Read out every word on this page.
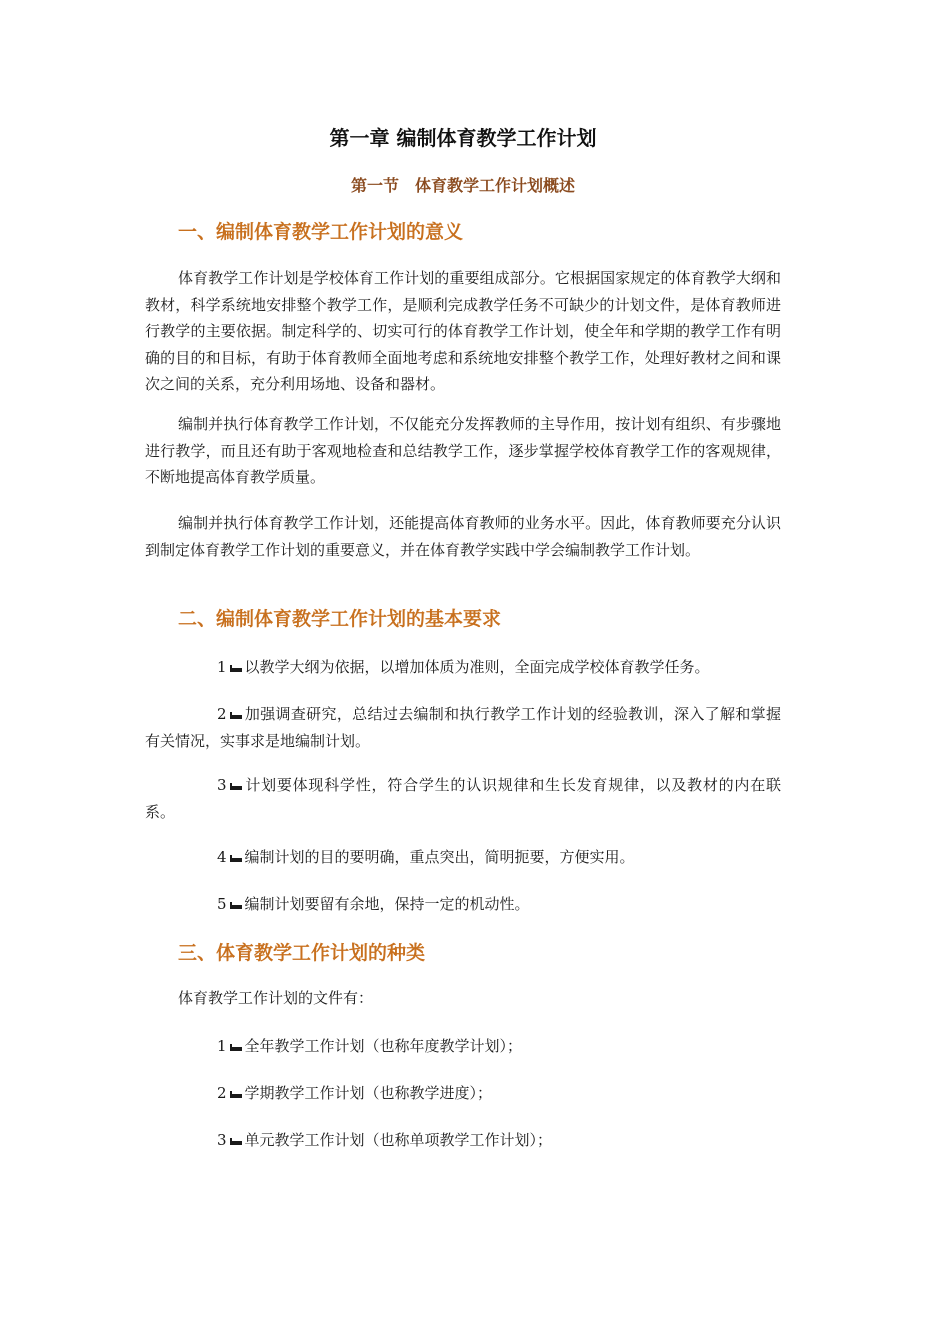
第一章 编制体育教学工作计划
第一节　体育教学工作计划概述
一、编制体育教学工作计划的意义

体育教学工作计划是学校体育工作计划的重要组成部分。它根据国家规定的体育教学大纲和教材，科学系统地安排整个教学工作，是顺利完成教学任务不可缺少的计划文件，是体育教师进行教学的主要依据。制定科学的、切实可行的体育教学工作计划，使全年和学期的教学工作有明确的目的和目标，有助于体育教师全面地考虑和系统地安排整个教学工作，处理好教材之间和课次之间的关系，充分利用场地、设备和器材。

编制并执行体育教学工作计划，不仅能充分发挥教师的主导作用，按计划有组织、有步骤地进行教学，而且还有助于客观地检查和总结教学工作，逐步掌握学校体育教学工作的客观规律，不断地提高体育教学质量。

编制并执行体育教学工作计划，还能提高体育教师的业务水平。因此，体育教师要充分认识到制定体育教学工作计划的重要意义，并在体育教学实践中学会编制教学工作计划。

二、编制体育教学工作计划的基本要求

1 以教学大纲为依据，以增加体质为准则，全面完成学校体育教学任务。

2 加强调查研究，总结过去编制和执行教学工作计划的经验教训，深入了解和掌握有关情况，实事求是地编制计划。

3 计划要体现科学性，符合学生的认识规律和生长发育规律，以及教材的内在联系。

4 编制计划的目的要明确，重点突出，简明扼要，方便实用。

5 编制计划要留有余地，保持一定的机动性。

三、体育教学工作计划的种类

体育教学工作计划的文件有：

1 全年教学工作计划（也称年度教学计划）；

2 学期教学工作计划（也称教学进度）；

3 单元教学工作计划（也称单项教学工作计划）；
